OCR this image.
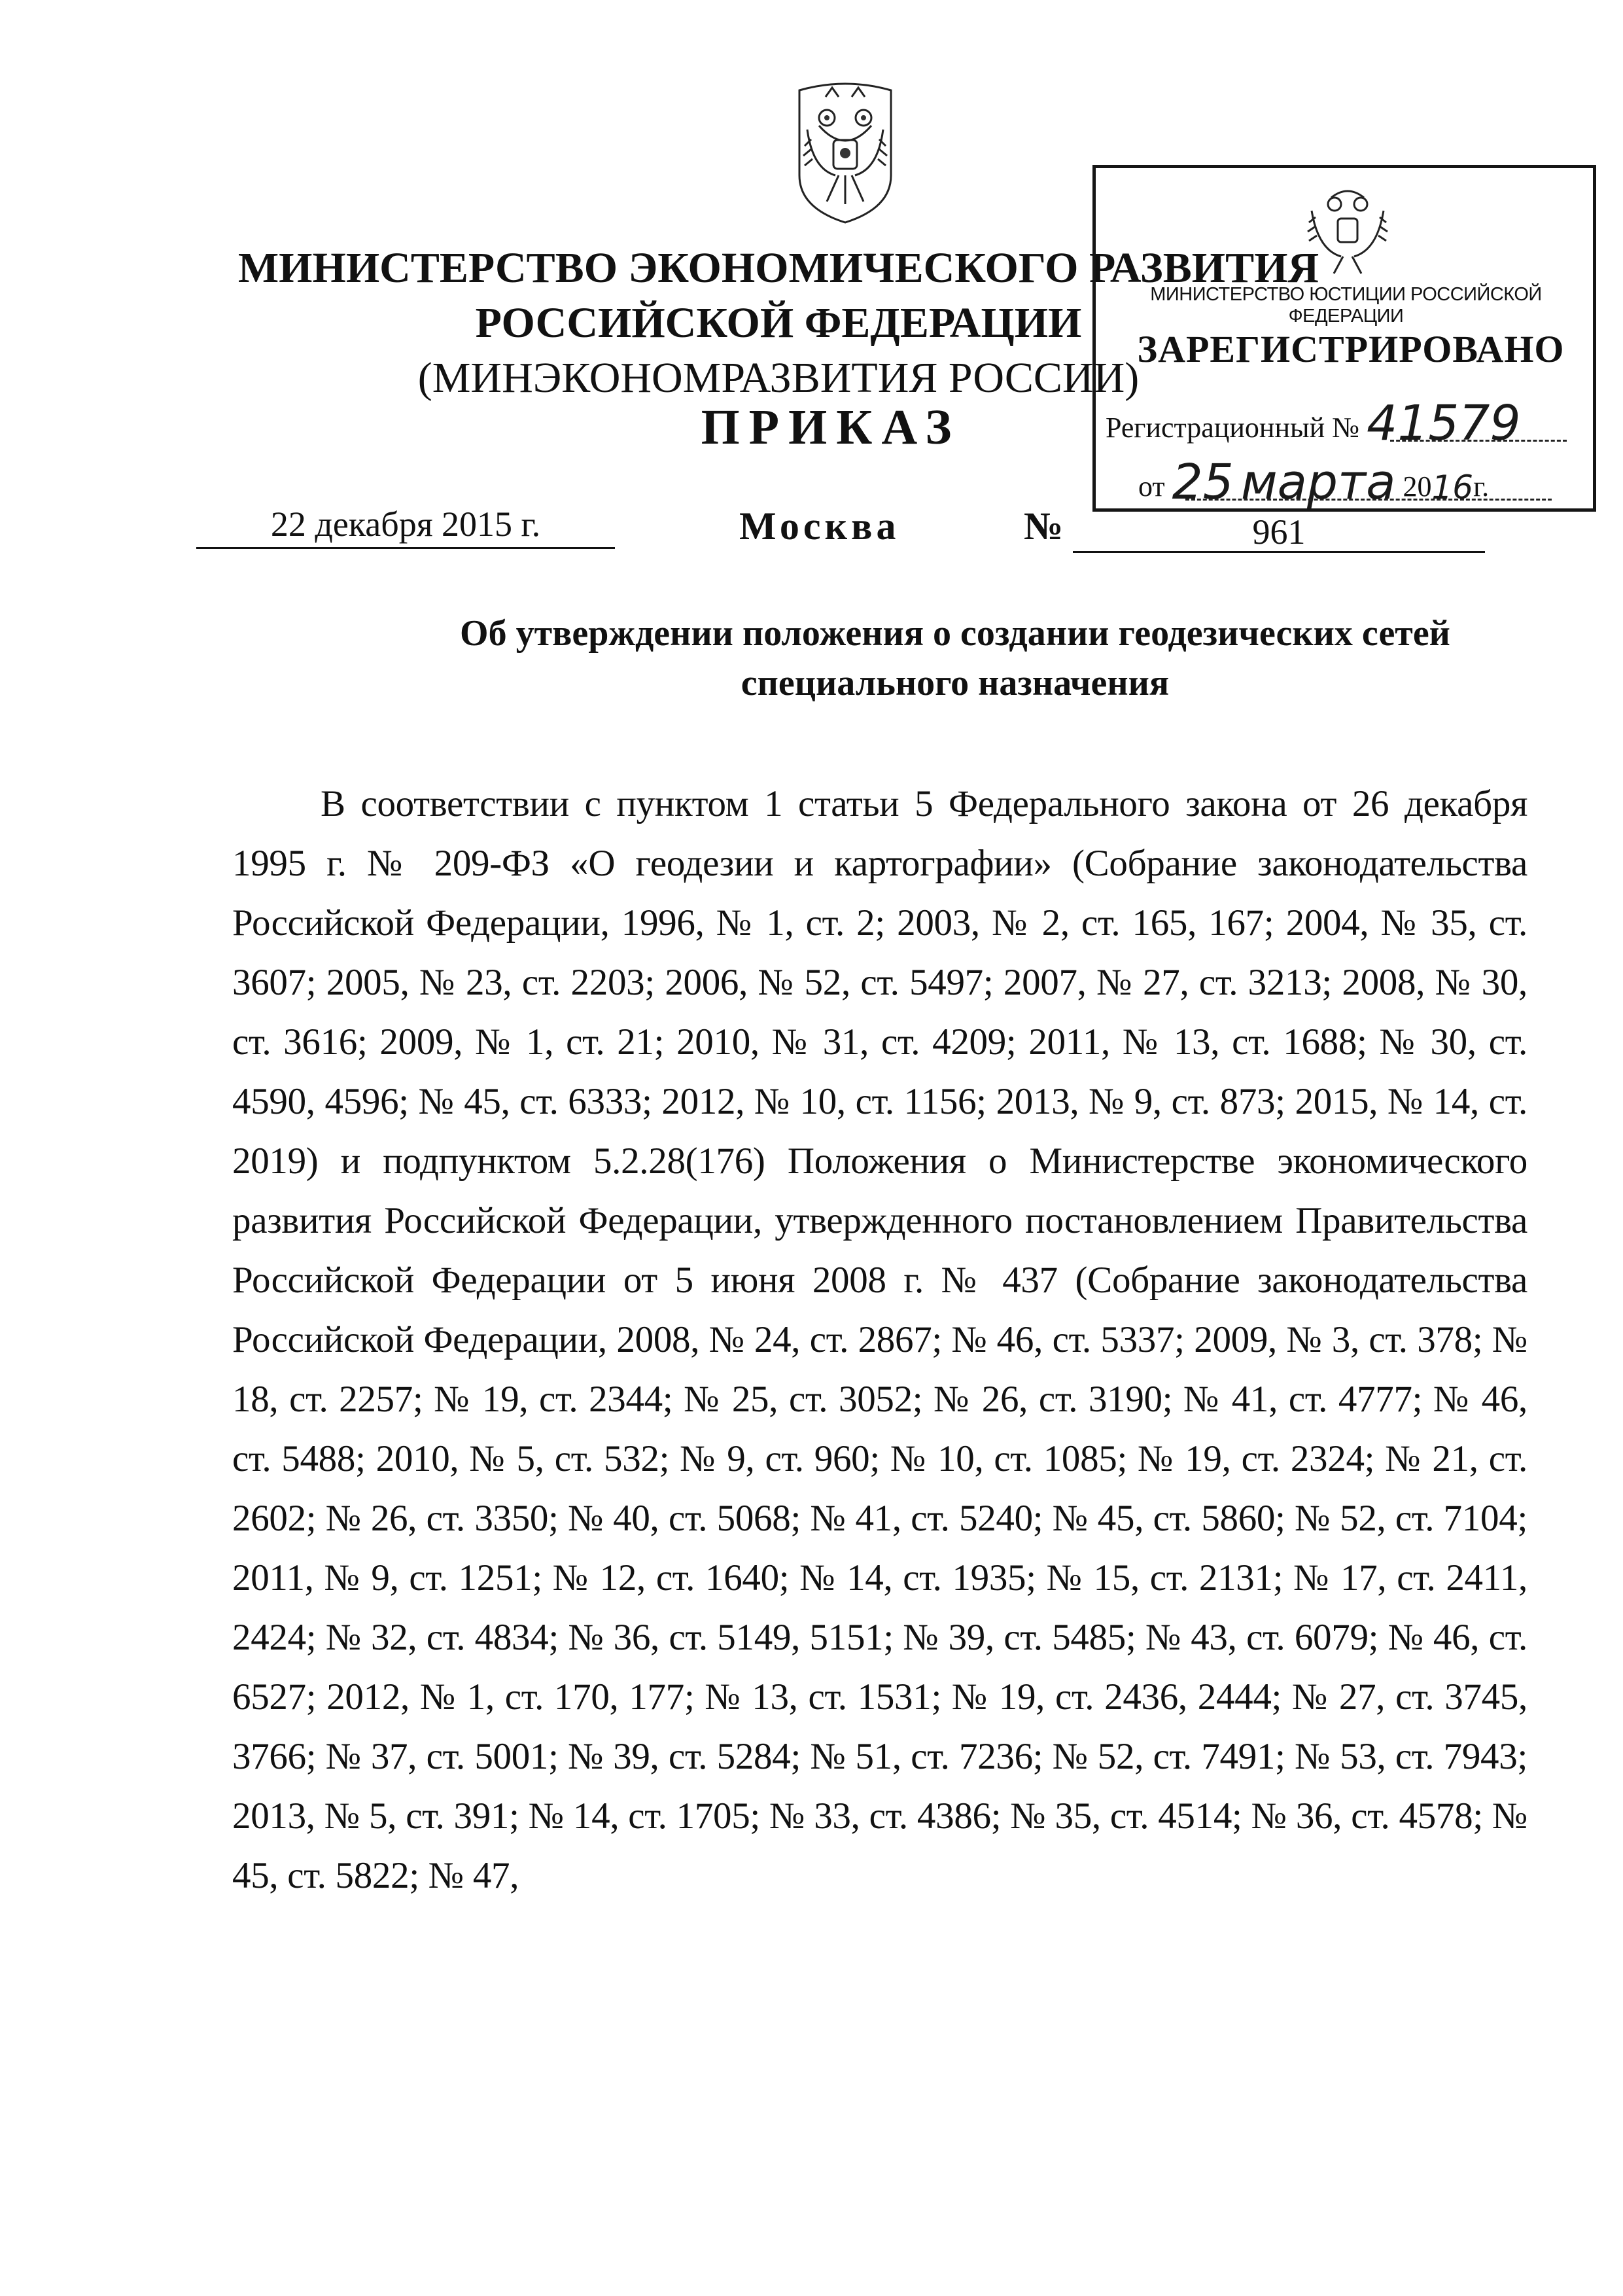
МИНИСТЕРСТВО ЭКОНОМИЧЕСКОГО РАЗВИТИЯ
РОССИЙСКОЙ ФЕДЕРАЦИИ
(МИНЭКОНОМРАЗВИТИЯ РОССИИ)
ПРИКАЗ
МИНИСТЕРСТВО ЮСТИЦИИ РОССИЙСКОЙ ФЕДЕРАЦИИ
ЗАРЕГИСТРИРОВАНО
Регистрационный № 41579
от 25 марта 2016г.
22 декабря 2015 г.	Москва	№	961
Об утверждении положения о создании геодезических сетей
специального назначения
В соответствии с пунктом 1 статьи 5 Федерального закона от 26 декабря 1995 г. № 209-ФЗ «О геодезии и картографии» (Собрание законодательства Российской Федерации, 1996, № 1, ст. 2; 2003, № 2, ст. 165, 167; 2004, № 35, ст. 3607; 2005, № 23, ст. 2203; 2006, № 52, ст. 5497; 2007, № 27, ст. 3213; 2008, № 30, ст. 3616; 2009, № 1, ст. 21; 2010, № 31, ст. 4209; 2011, № 13, ст. 1688; № 30, ст. 4590, 4596; № 45, ст. 6333; 2012, № 10, ст. 1156; 2013, № 9, ст. 873; 2015, № 14, ст. 2019) и подпунктом 5.2.28(176) Положения о Министерстве экономического развития Российской Федерации, утвержденного постановлением Правительства Российской Федерации от 5 июня 2008 г. № 437 (Собрание законодательства Российской Федерации, 2008, № 24, ст. 2867; № 46, ст. 5337; 2009, № 3, ст. 378; № 18, ст. 2257; № 19, ст. 2344; № 25, ст. 3052; № 26, ст. 3190; № 41, ст. 4777; № 46, ст. 5488; 2010, № 5, ст. 532; № 9, ст. 960; № 10, ст. 1085; № 19, ст. 2324; № 21, ст. 2602; № 26, ст. 3350; № 40, ст. 5068; № 41, ст. 5240; № 45, ст. 5860; № 52, ст. 7104; 2011, № 9, ст. 1251; № 12, ст. 1640; № 14, ст. 1935; № 15, ст. 2131; № 17, ст. 2411, 2424; № 32, ст. 4834; № 36, ст. 5149, 5151; № 39, ст. 5485; № 43, ст. 6079; № 46, ст. 6527; 2012, № 1, ст. 170, 177; № 13, ст. 1531; № 19, ст. 2436, 2444; № 27, ст. 3745, 3766; № 37, ст. 5001; № 39, ст. 5284; № 51, ст. 7236; № 52, ст. 7491; № 53, ст. 7943; 2013, № 5, ст. 391; № 14, ст. 1705; № 33, ст. 4386; № 35, ст. 4514; № 36, ст. 4578; № 45, ст. 5822; № 47,
